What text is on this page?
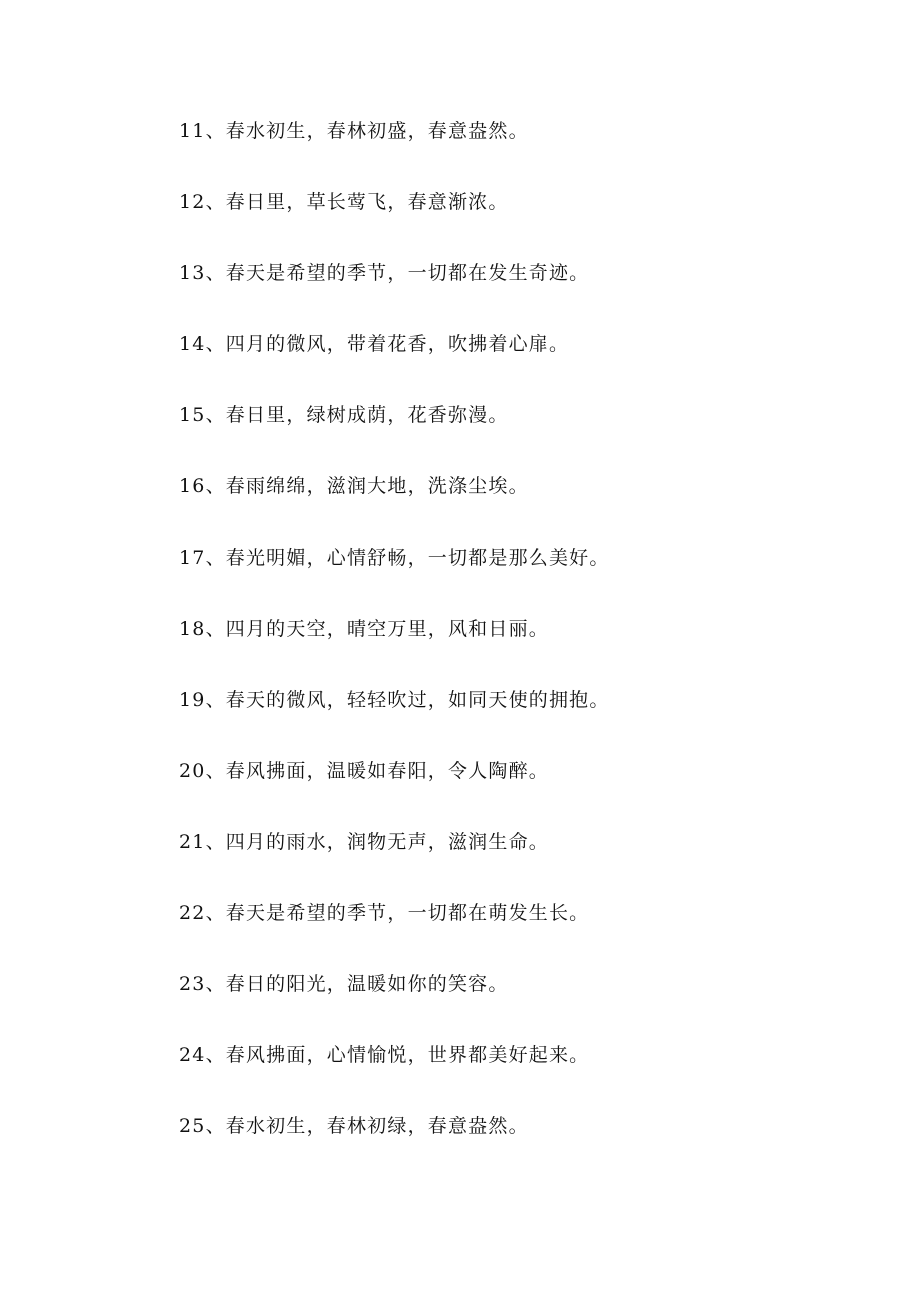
11 、春水初生，春林初盛，春意盎然。
12 、春日里，草长莺飞，春意渐浓。
13 、春天是希望的季节，一切都在发生奇迹。
14 、四月的微风，带着花香，吹拂着心扉。
15 、春日里，绿树成荫，花香弥漫。
16 、春雨绵绵，滋润大地，洗涤尘埃。
17 、春光明媚，心情舒畅，一切都是那么美好。
18 、四月的天空，晴空万里，风和日丽。
19 、春天的微风，轻轻吹过，如同天使的拥抱。
20 、春风拂面，温暖如春阳，令人陶醉。
21 、四月的雨水，润物无声，滋润生命。
22 、春天是希望的季节，一切都在萌发生长。
23 、春日的阳光，温暖如你的笑容。
24 、春风拂面，心情愉悦，世界都美好起来。
25 、春水初生，春林初绿，春意盎然。
